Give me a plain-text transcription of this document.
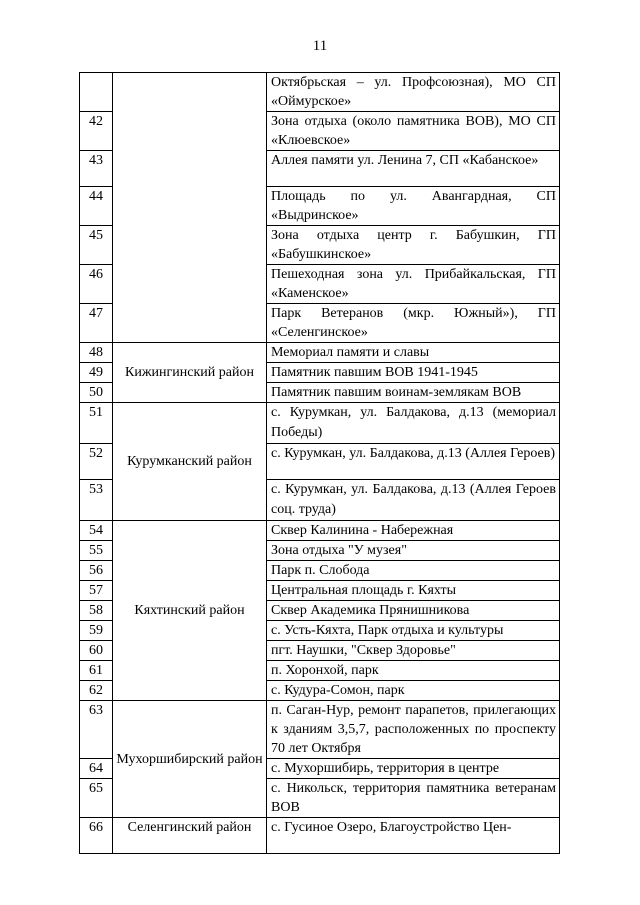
11
		Октябрьская – ул. Профсоюзная), МО СП «Оймурское»
42		Зона отдыха (около памятника ВОВ), МО СП «Клюевское»
43		Аллея памяти ул. Ленина 7, СП «Кабанское»
44		Площадь по ул. Авангардная, СП «Выдринское»
45		Зона отдыха центр г. Бабушкин, ГП «Бабушкинское»
46		Пешеходная зона ул. Прибайкальская, ГП «Каменское»
47		Парк Ветеранов (мкр. Южный»), ГП «Селенгинское»
48	Кижингинский район	Мемориал памяти и славы
49		Памятник павшим ВОВ 1941-1945
50		Памятник павшим воинам-землякам ВОВ
51	Курумканский район	с. Курумкан, ул. Балдакова, д.13 (мемориал Победы)
52		с. Курумкан, ул. Балдакова, д.13 (Аллея Героев)
53		с. Курумкан, ул. Балдакова, д.13 (Аллея Героев соц. труда)
54	Кяхтинский район	Сквер Калинина - Набережная
55		Зона отдыха "У музея"
56		Парк п. Слобода
57		Центральная площадь г. Кяхты
58		Сквер Академика Прянишникова
59		с. Усть-Кяхта, Парк отдыха и культуры
60		пгт. Наушки, "Сквер Здоровье"
61		п. Хоронхой, парк
62		с. Кудура-Сомон, парк
63	Мухоршибирский район	п. Саган-Нур, ремонт парапетов, прилегающих к зданиям 3,5,7, расположенных по проспекту 70 лет Октября
64		с. Мухоршибирь, территория в центре
65		с. Никольск, территория памятника ветеранам ВОВ
66	Селенгинский район	с. Гусиное Озеро, Благоустройство Цен-
